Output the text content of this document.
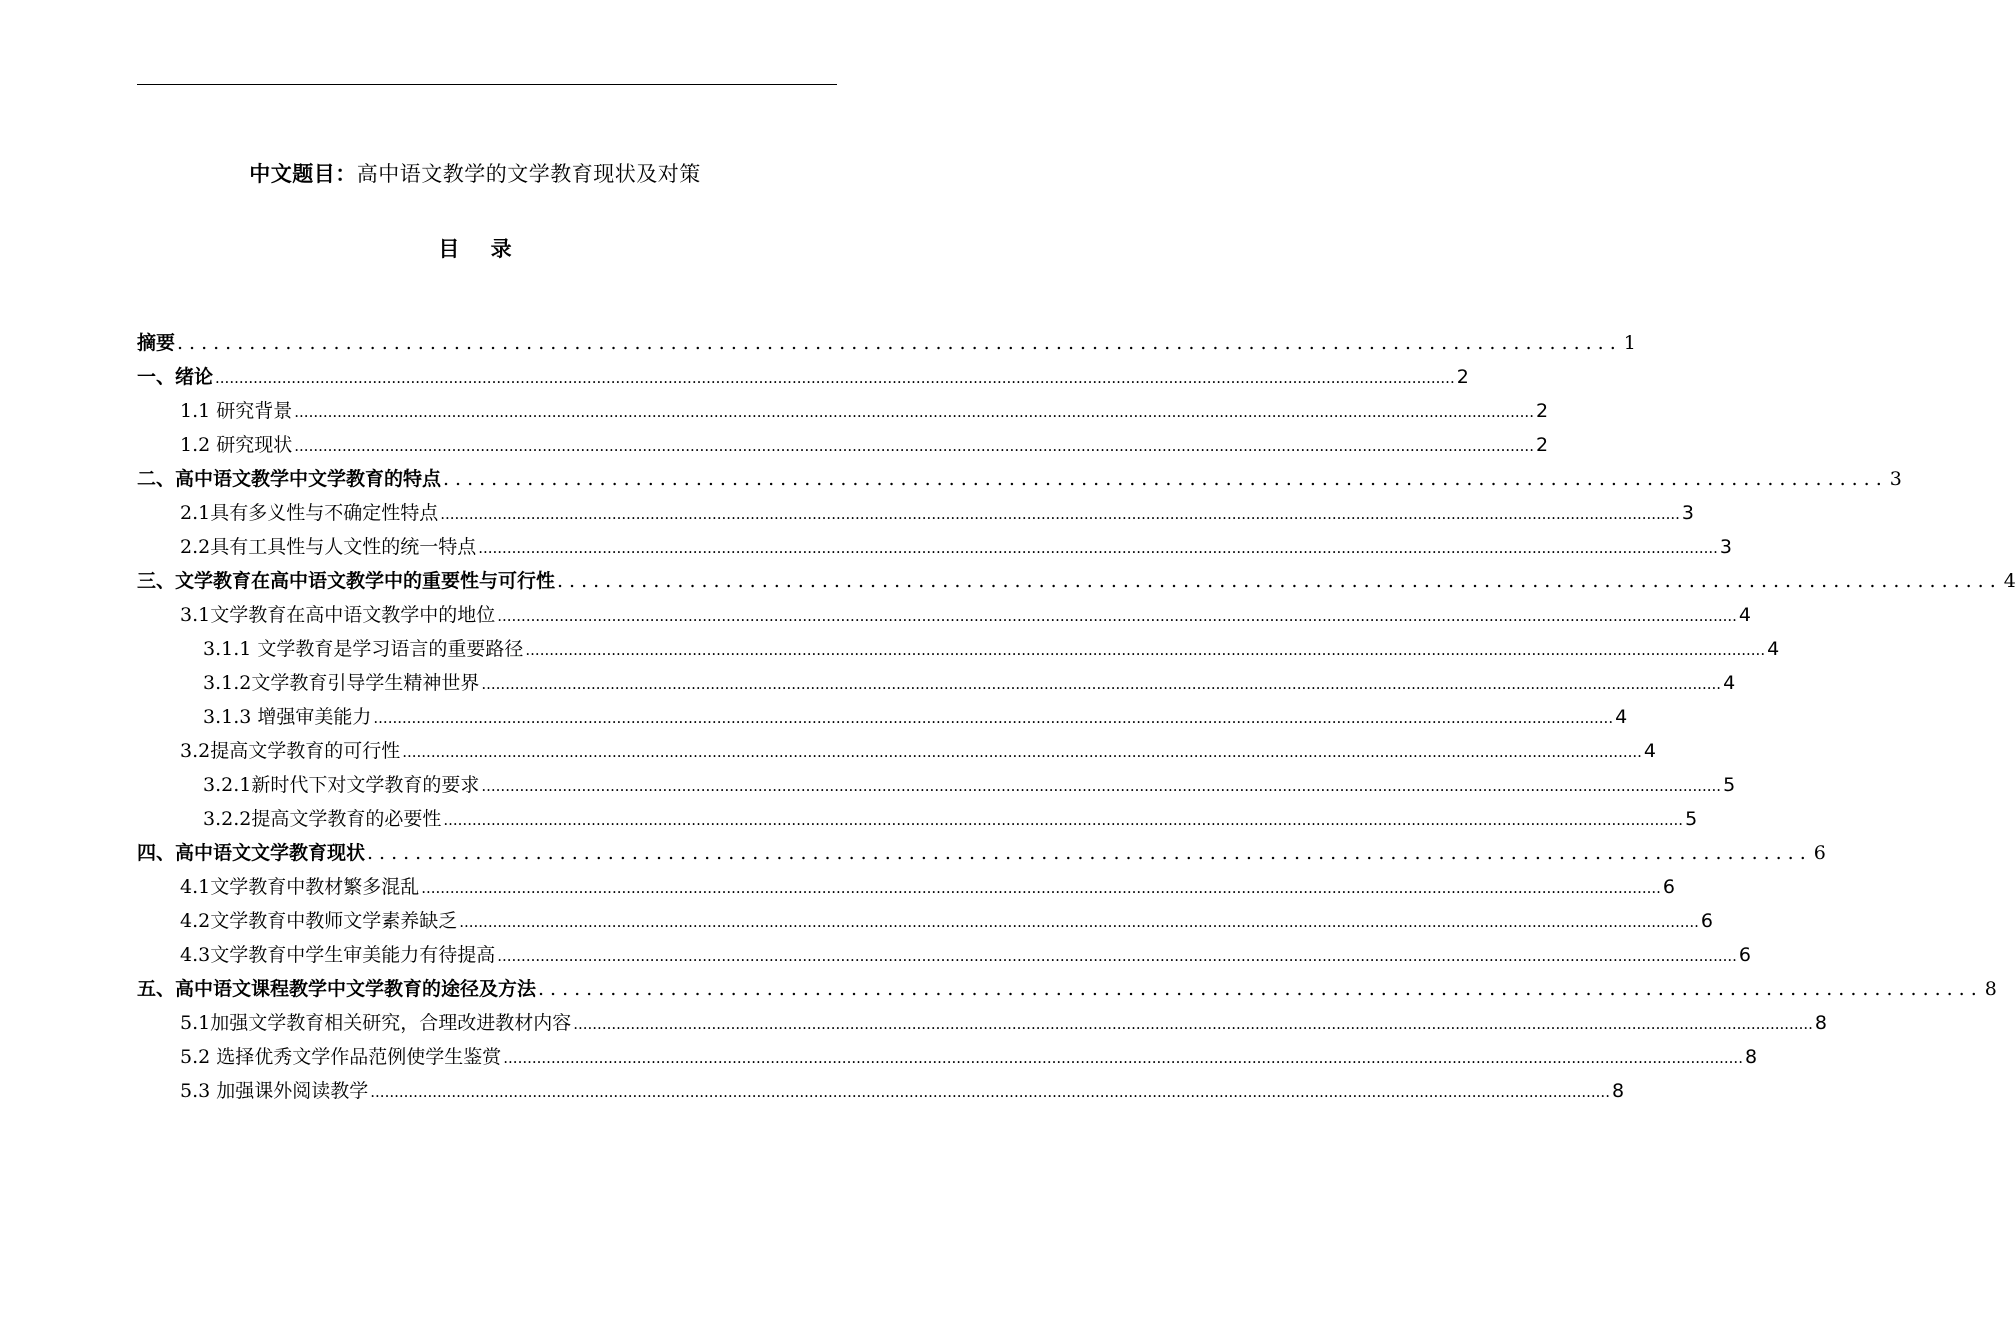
中文题目：高中语文教学的文学教育现状及对策
目 录
摘要 ........................................................................................................................ 1
一、绪论 .................................................................................................................................................................................................................................................................... 2
1.1 研究背景 .................................................................................................................................................................................................................................................................... 2
1.2 研究现状 .................................................................................................................................................................................................................................................................... 2
二、高中语文教学中文学教育的特点 ........................................................................................................................ 3
2.1具有多义性与不确定性特点 .................................................................................................................................................................................................................................................................... 3
2.2具有工具性与人文性的统一特点 .................................................................................................................................................................................................................................................................... 3
三、文学教育在高中语文教学中的重要性与可行性 ........................................................................................................................ 4
3.1文学教育在高中语文教学中的地位 .................................................................................................................................................................................................................................................................... 4
3.1.1 文学教育是学习语言的重要路径 .................................................................................................................................................................................................................................................................... 4
3.1.2文学教育引导学生精神世界 .................................................................................................................................................................................................................................................................... 4
3.1.3 增强审美能力 .................................................................................................................................................................................................................................................................... 4
3.2提高文学教育的可行性 .................................................................................................................................................................................................................................................................... 4
3.2.1新时代下对文学教育的要求 .................................................................................................................................................................................................................................................................... 5
3.2.2提高文学教育的必要性 .................................................................................................................................................................................................................................................................... 5
四、高中语文文学教育现状 ........................................................................................................................ 6
4.1文学教育中教材繁多混乱 .................................................................................................................................................................................................................................................................... 6
4.2文学教育中教师文学素养缺乏 .................................................................................................................................................................................................................................................................... 6
4.3文学教育中学生审美能力有待提高 .................................................................................................................................................................................................................................................................... 6
五、高中语文课程教学中文学教育的途径及方法 ........................................................................................................................ 8
5.1加强文学教育相关研究，合理改进教材内容 .................................................................................................................................................................................................................................................................... 8
5.2 选择优秀文学作品范例使学生鉴赏 .................................................................................................................................................................................................................................................................... 8
5.3 加强课外阅读教学 .................................................................................................................................................................................................................................................................... 8
